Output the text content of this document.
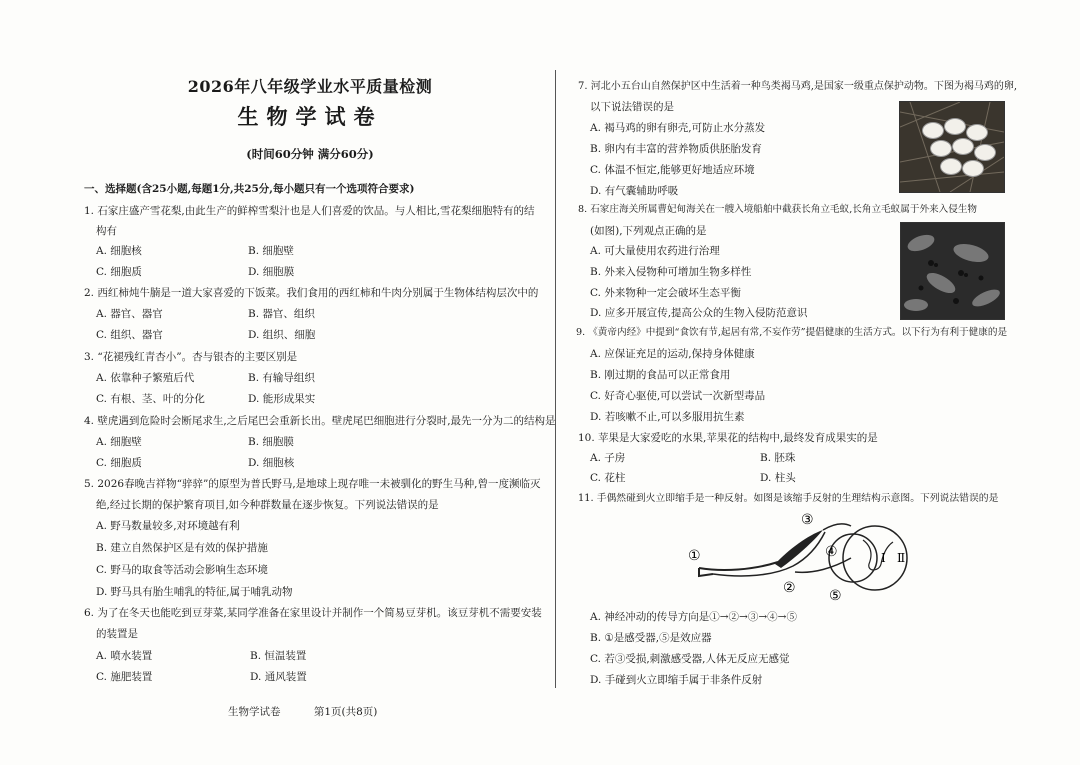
2026年八年级学业水平质量检测
生物学试卷
(时间60分钟 满分60分)
一、选择题(含25小题,每题1分,共25分,每小题只有一个选项符合要求)
1. 石家庄盛产雪花梨,由此生产的鲜榨雪梨汁也是人们喜爱的饮品。与人相比,雪花梨细胞特有的结
构有
A. 细胞核	B. 细胞壁
C. 细胞质	D. 细胞膜
2. 西红柿炖牛腩是一道大家喜爱的下饭菜。我们食用的西红柿和牛肉分别属于生物体结构层次中的
A. 器官、器官	B. 器官、组织
C. 组织、器官	D. 组织、细胞
3. “花褪残红青杏小”。杏与银杏的主要区别是
A. 依靠种子繁殖后代	B. 有输导组织
C. 有根、茎、叶的分化	D. 能形成果实
4. 壁虎遇到危险时会断尾求生,之后尾巴会重新长出。壁虎尾巴细胞进行分裂时,最先一分为二的结构是
A. 细胞壁	B. 细胞膜
C. 细胞质	D. 细胞核
5. 2026春晚吉祥物“骍骍”的原型为普氏野马,是地球上现存唯一未被驯化的野生马种,曾一度濒临灭
绝,经过长期的保护繁育项目,如今种群数量在逐步恢复。下列说法错误的是
A. 野马数量较多,对环境越有利
B. 建立自然保护区是有效的保护措施
C. 野马的取食等活动会影响生态环境
D. 野马具有胎生哺乳的特征,属于哺乳动物
6. 为了在冬天也能吃到豆芽菜,某同学准备在家里设计并制作一个简易豆芽机。该豆芽机不需要安装
的装置是
A. 喷水装置	B. 恒温装置
C. 施肥装置	D. 通风装置
7. 河北小五台山自然保护区中生活着一种鸟类褐马鸡,是国家一级重点保护动物。下图为褐马鸡的卵,
以下说法错误的是
A. 褐马鸡的卵有卵壳,可防止水分蒸发
B. 卵内有丰富的营养物质供胚胎发育
C. 体温不恒定,能够更好地适应环境
D. 有气囊辅助呼吸
8. 石家庄海关所属曹妃甸海关在一艘入境船舶中截获长角立毛蚁,长角立毛蚁属于外来入侵生物
(如图),下列观点正确的是
A. 可大量使用农药进行治理
B. 外来入侵物种可增加生物多样性
C. 外来物种一定会破坏生态平衡
D. 应多开展宣传,提高公众的生物入侵防范意识
9. 《黄帝内经》中提到“食饮有节,起居有常,不妄作劳”提倡健康的生活方式。以下行为有利于健康的是
A. 应保证充足的运动,保持身体健康
B. 刚过期的食品可以正常食用
C. 好奇心驱使,可以尝试一次新型毒品
D. 若咳嗽不止,可以多服用抗生素
10. 苹果是大家爱吃的水果,苹果花的结构中,最终发育成果实的是
A. 子房	B. 胚珠
C. 花柱	D. 柱头
11. 手偶然碰到火立即缩手是一种反射。如图是该缩手反射的生理结构示意图。下列说法错误的是
Ⅰ Ⅱ
①
②
③
④
⑤
A. 神经冲动的传导方向是①→②→③→④→⑤
B. ①是感受器,⑤是效应器
C. 若③受损,刺激感受器,人体无反应无感觉
D. 手碰到火立即缩手属于非条件反射
生物学试卷	第1页(共8页)
